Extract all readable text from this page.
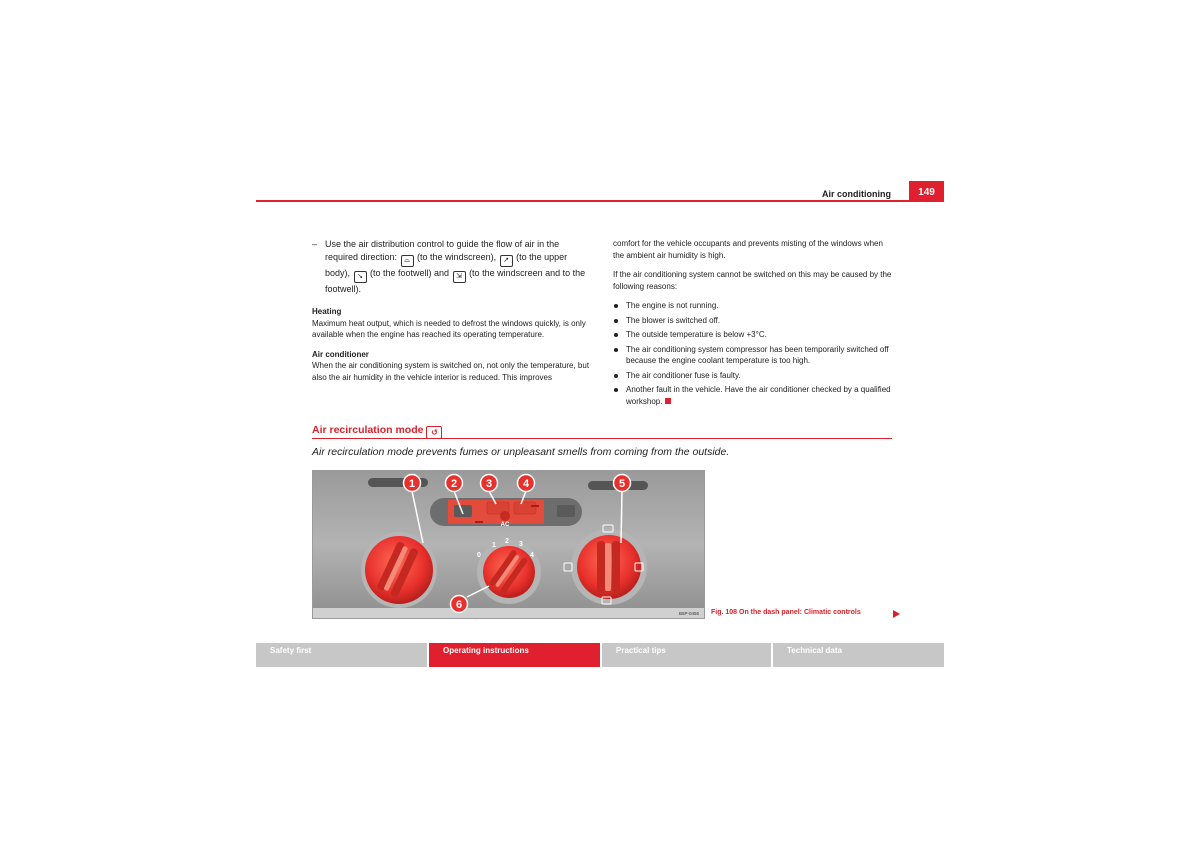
Air conditioning	149
– Use the air distribution control to guide the flow of air in the required direction: ⌓ (to the windscreen), ↗ (to the upper body), ↘ (to the footwell) and ⇲ (to the windscreen and to the footwell).
Heating

Maximum heat output, which is needed to defrost the windows quickly, is only available when the engine has reached its operating temperature.

Air conditioner

When the air conditioning system is switched on, not only the temperature, but also the air humidity in the vehicle interior is reduced. This improves

comfort for the vehicle occupants and prevents misting of the windows when the ambient air humidity is high.

If the air conditioning system cannot be switched on this may be caused by the following reasons:

The engine is not running.
The blower is switched off.
The outside temperature is below +3°C.
The air conditioning system compressor has been temporarily switched off because the engine coolant temperature is too high.
The air conditioner fuse is faulty.
Another fault in the vehicle. Have the air conditioner checked by a qualified workshop.
Air recirculation mode ↺
Air recirculation mode prevents fumes or unpleasant smells from coming from the outside.
AC
0
1
2 3
4
1	2	3	4	5
6
B5P-0456 Fig. 108 On the dash panel: Climatic controls
Safety first	Operating instructions	Practical tips	Technical data
